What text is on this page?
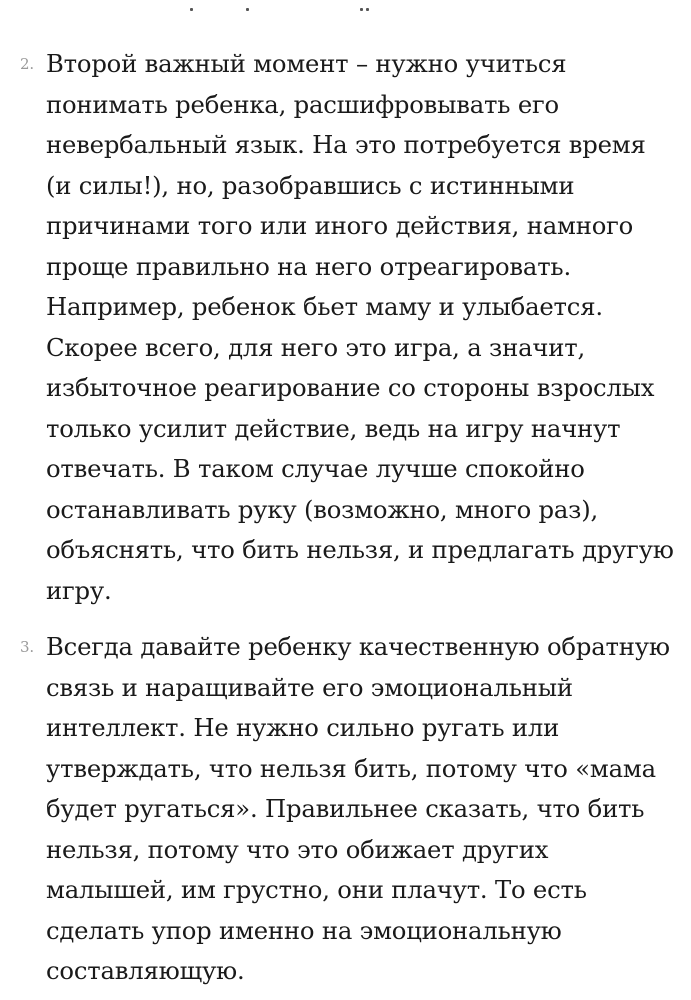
2. Второй важный момент – нужно учиться понимать ребенка, расшифровывать его невербальный язык. На это потребуется время (и силы!), но, разобравшись с истинными причинами того или иного действия, намного проще правильно на него отреагировать. Например, ребенок бьет маму и улыбается. Скорее всего, для него это игра, а значит, избыточное реагирование со стороны взрослых только усилит действие, ведь на игру начнут отвечать. В таком случае лучше спокойно останавливать руку (возможно, много раз), объяснять, что бить нельзя, и предлагать другую игру.
3. Всегда давайте ребенку качественную обратную связь и наращивайте его эмоциональный интеллект. Не нужно сильно ругать или утверждать, что нельзя бить, потому что «мама будет ругаться». Правильнее сказать, что бить нельзя, потому что это обижает других малышей, им грустно, они плачут. То есть сделать упор именно на эмоциональную составляющую.
